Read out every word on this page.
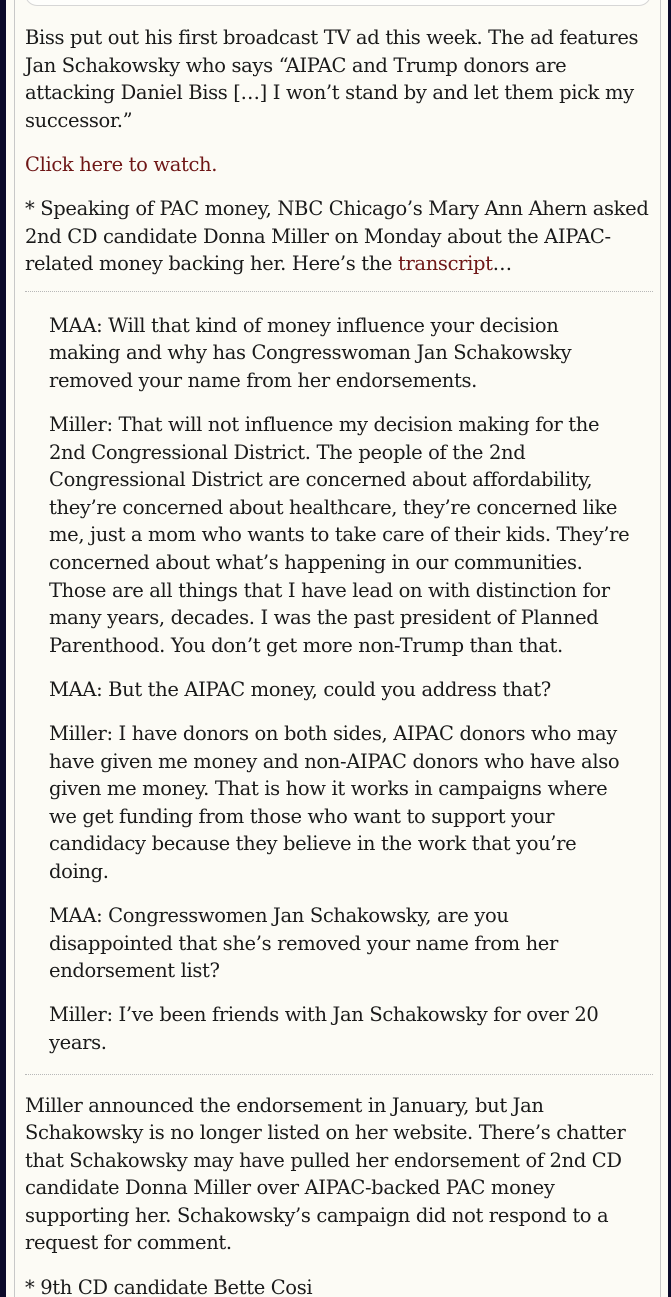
Biss put out his first broadcast TV ad this week. The ad features Jan Schakowsky who says “AIPAC and Trump donors are attacking Daniel Biss […] I won’t stand by and let them pick my successor.”

Click here to watch.

* Speaking of PAC money, NBC Chicago’s Mary Ann Ahern asked 2nd CD candidate Donna Miller on Monday about the AIPAC-related money backing her. Here’s the transcript…

MAA: Will that kind of money influence your decision making and why has Congresswoman Jan Schakowsky removed your name from her endorsements.

Miller: That will not influence my decision making for the 2nd Congressional District. The people of the 2nd Congressional District are concerned about affordability, they’re concerned about healthcare, they’re concerned like me, just a mom who wants to take care of their kids. They’re concerned about what’s happening in our communities. Those are all things that I have lead on with distinction for many years, decades. I was the past president of Planned Parenthood. You don’t get more non-Trump than that.

MAA: But the AIPAC money, could you address that?

Miller: I have donors on both sides, AIPAC donors who may have given me money and non-AIPAC donors who have also given me money. That is how it works in campaigns where we get funding from those who want to support your candidacy because they believe in the work that you’re doing.

MAA: Congresswomen Jan Schakowsky, are you disappointed that she’s removed your name from her endorsement list?

Miller: I’ve been friends with Jan Schakowsky for over 20 years.

Miller announced the endorsement in January, but Jan Schakowsky is no longer listed on her website. There’s chatter that Schakowsky may have pulled her endorsement of 2nd CD candidate Donna Miller over AIPAC-backed PAC money supporting her. Schakowsky’s campaign did not respond to a request for comment.

* 9th CD candidate Bette Cosi
